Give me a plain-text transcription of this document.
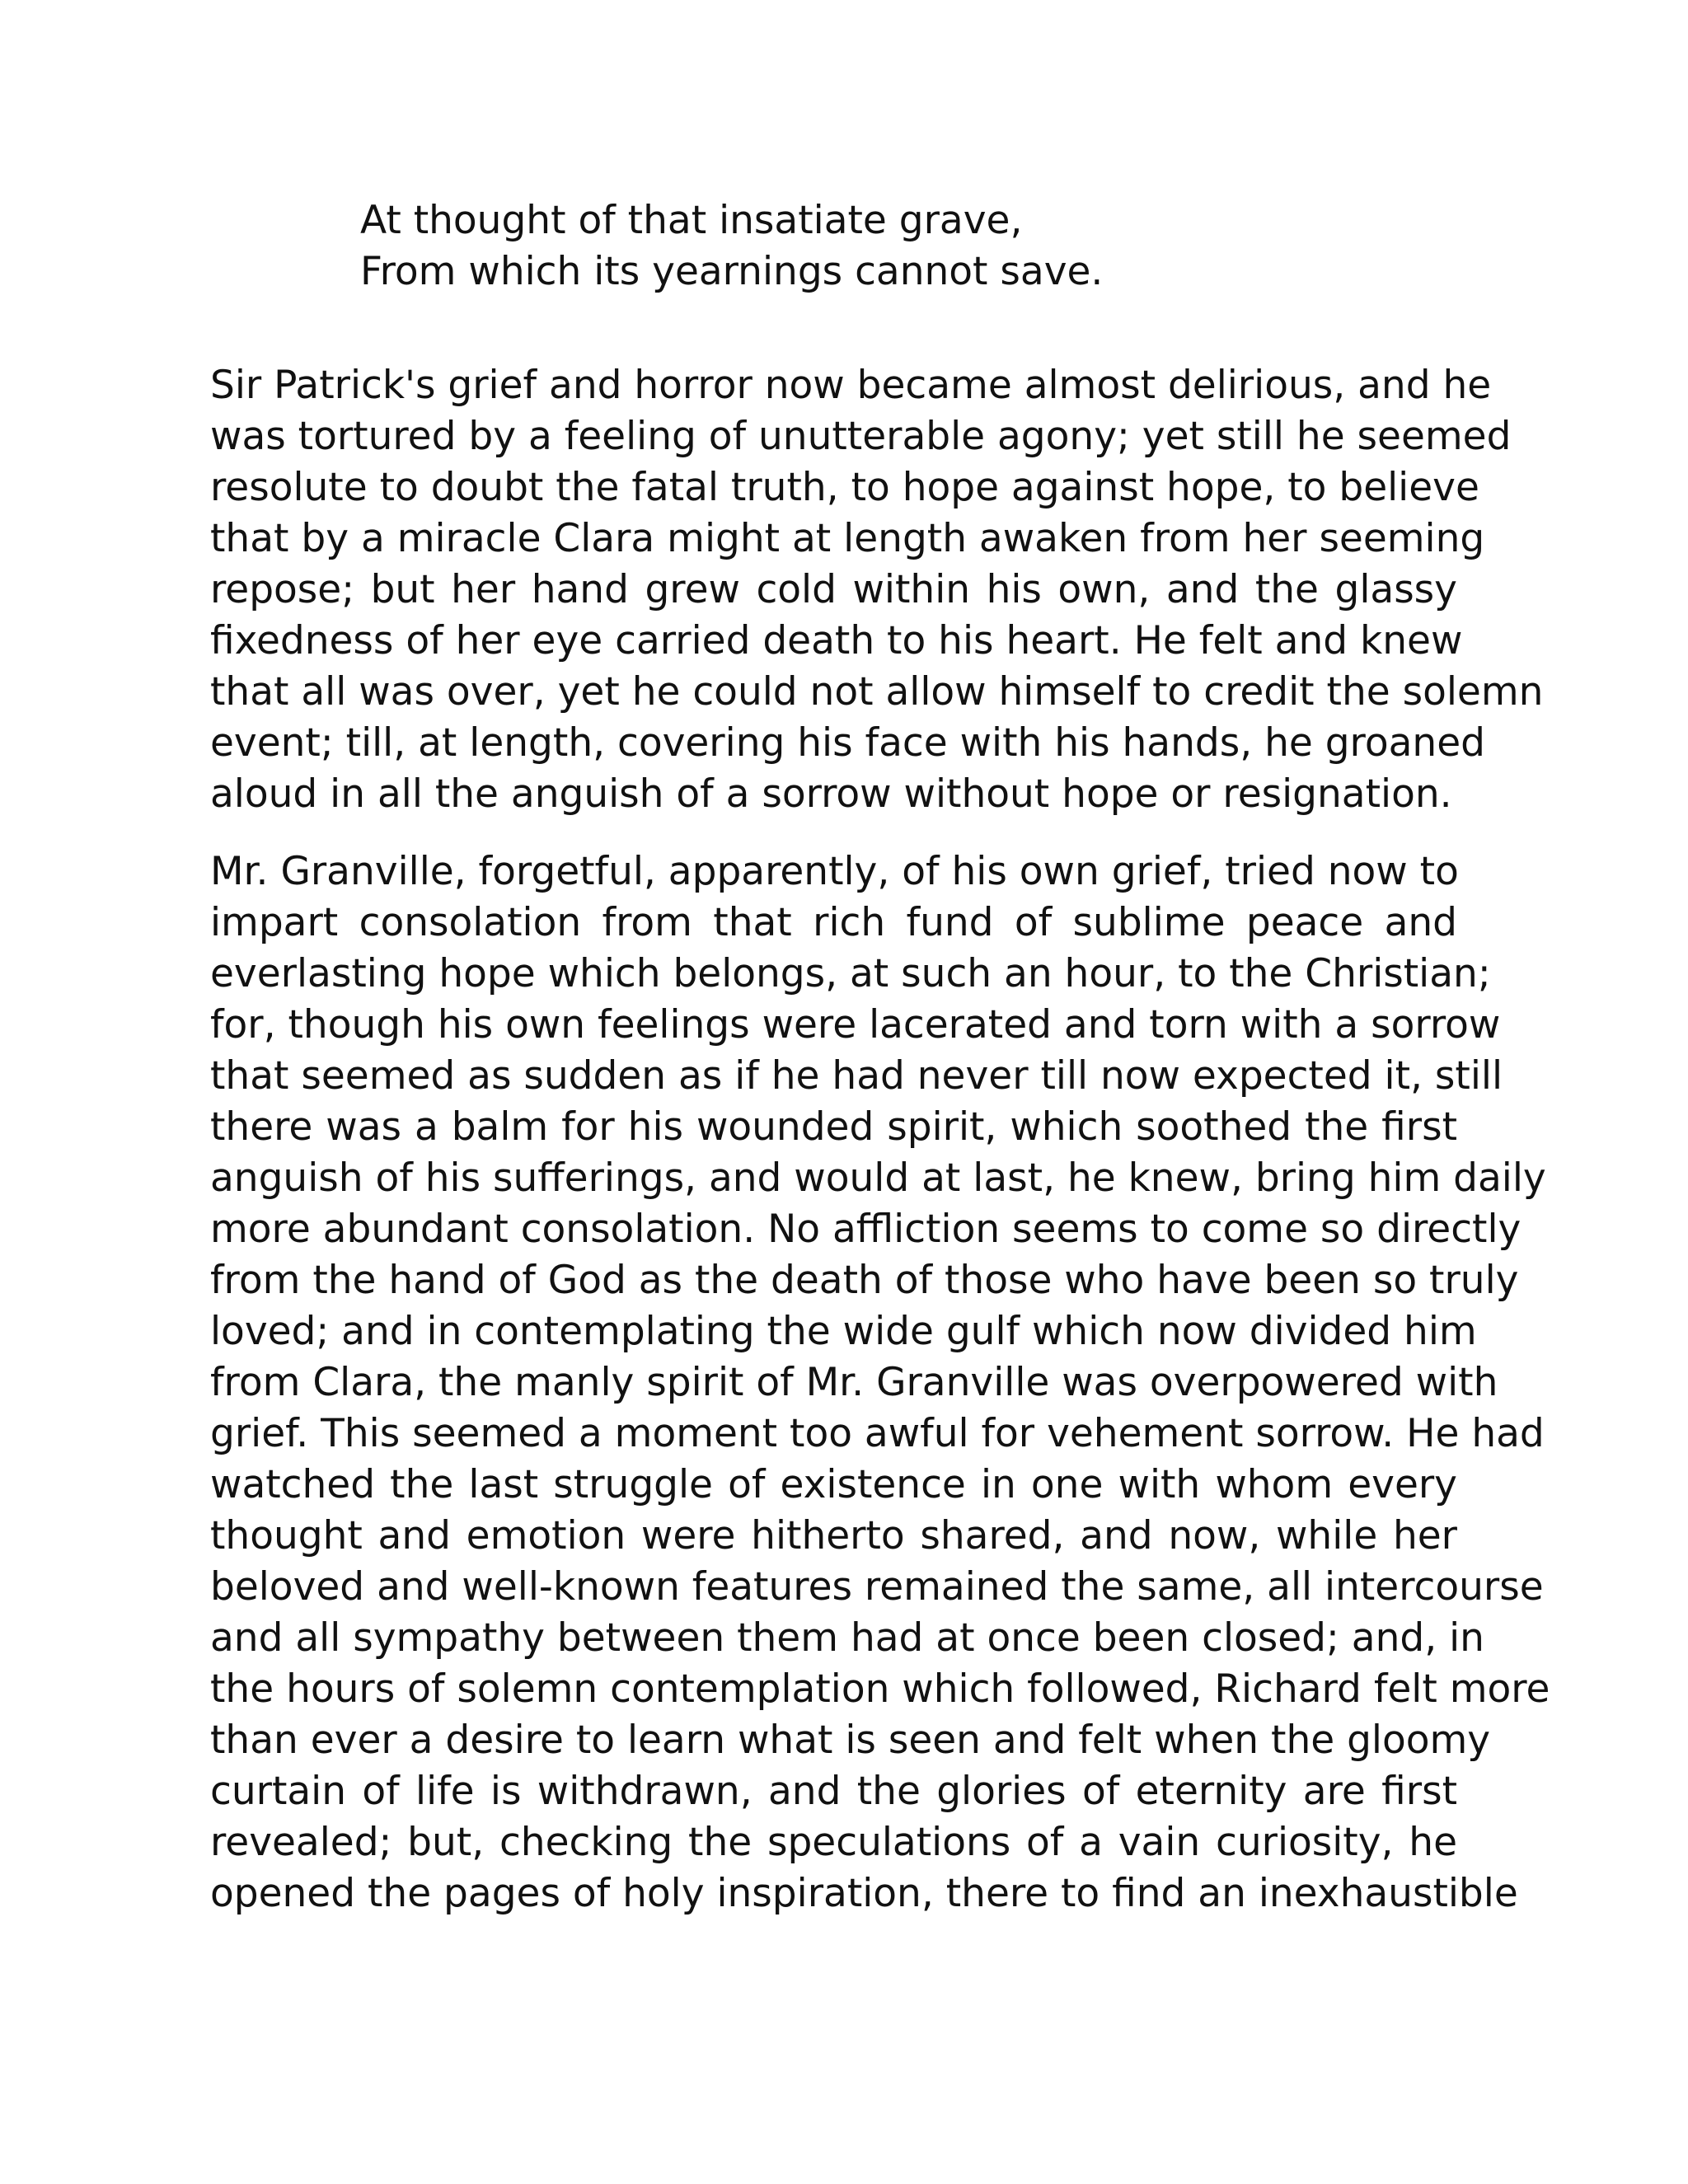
At thought of that insatiate grave,
From which its yearnings cannot save.
Sir Patrick's grief and horror now became almost delirious, and he
was tortured by a feeling of unutterable agony; yet still he seemed
resolute to doubt the fatal truth, to hope against hope, to believe
that by a miracle Clara might at length awaken from her seeming
repose; but her hand grew cold within his own, and the glassy
fixedness of her eye carried death to his heart. He felt and knew
that all was over, yet he could not allow himself to credit the solemn
event; till, at length, covering his face with his hands, he groaned
aloud in all the anguish of a sorrow without hope or resignation.
Mr. Granville, forgetful, apparently, of his own grief, tried now to
impart consolation from that rich fund of sublime peace and
everlasting hope which belongs, at such an hour, to the Christian;
for, though his own feelings were lacerated and torn with a sorrow
that seemed as sudden as if he had never till now expected it, still
there was a balm for his wounded spirit, which soothed the first
anguish of his sufferings, and would at last, he knew, bring him daily
more abundant consolation. No affliction seems to come so directly
from the hand of God as the death of those who have been so truly
loved; and in contemplating the wide gulf which now divided him
from Clara, the manly spirit of Mr. Granville was overpowered with
grief. This seemed a moment too awful for vehement sorrow. He had
watched the last struggle of existence in one with whom every
thought and emotion were hitherto shared, and now, while her
beloved and well-known features remained the same, all intercourse
and all sympathy between them had at once been closed; and, in
the hours of solemn contemplation which followed, Richard felt more
than ever a desire to learn what is seen and felt when the gloomy
curtain of life is withdrawn, and the glories of eternity are first
revealed; but, checking the speculations of a vain curiosity, he
opened the pages of holy inspiration, there to find an inexhaustible
